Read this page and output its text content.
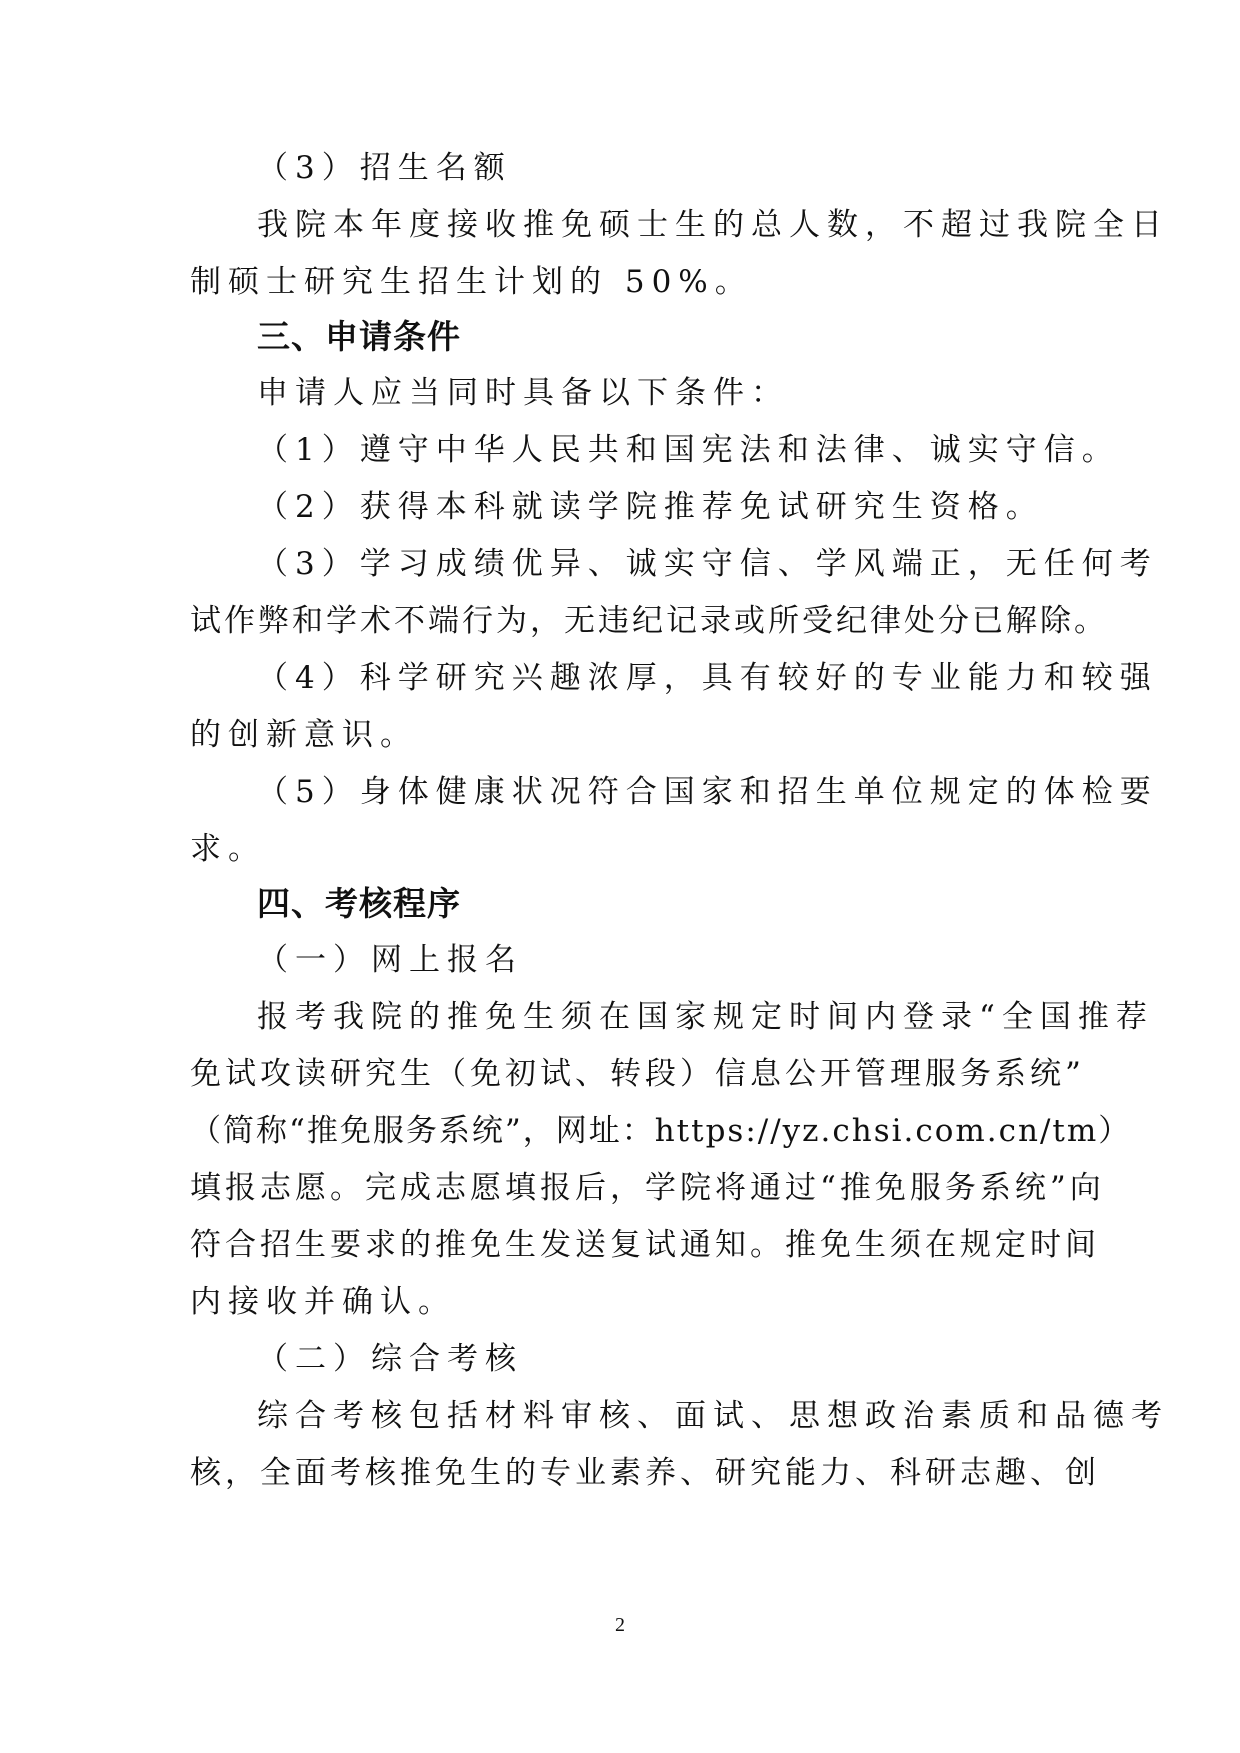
（3）招生名额
我院本年度接收推免硕士生的总人数，不超过我院全日
制硕士研究生招生计划的 50%。
三、申请条件
申请人应当同时具备以下条件：
（1）遵守中华人民共和国宪法和法律、诚实守信。
（2）获得本科就读学院推荐免试研究生资格。
（3）学习成绩优异、诚实守信、学风端正，无任何考
试作弊和学术不端行为，无违纪记录或所受纪律处分已解除。
（4）科学研究兴趣浓厚，具有较好的专业能力和较强
的创新意识。
（5）身体健康状况符合国家和招生单位规定的体检要
求。
四、考核程序
（一）网上报名
报考我院的推免生须在国家规定时间内登录“全国推荐
免试攻读研究生（免初试、转段）信息公开管理服务系统”
（简称“推免服务系统”，网址：https://yz.chsi.com.cn/tm）
填报志愿。完成志愿填报后，学院将通过“推免服务系统”向
符合招生要求的推免生发送复试通知。推免生须在规定时间
内接收并确认。
（二）综合考核
综合考核包括材料审核、面试、思想政治素质和品德考
核，全面考核推免生的专业素养、研究能力、科研志趣、创
2
